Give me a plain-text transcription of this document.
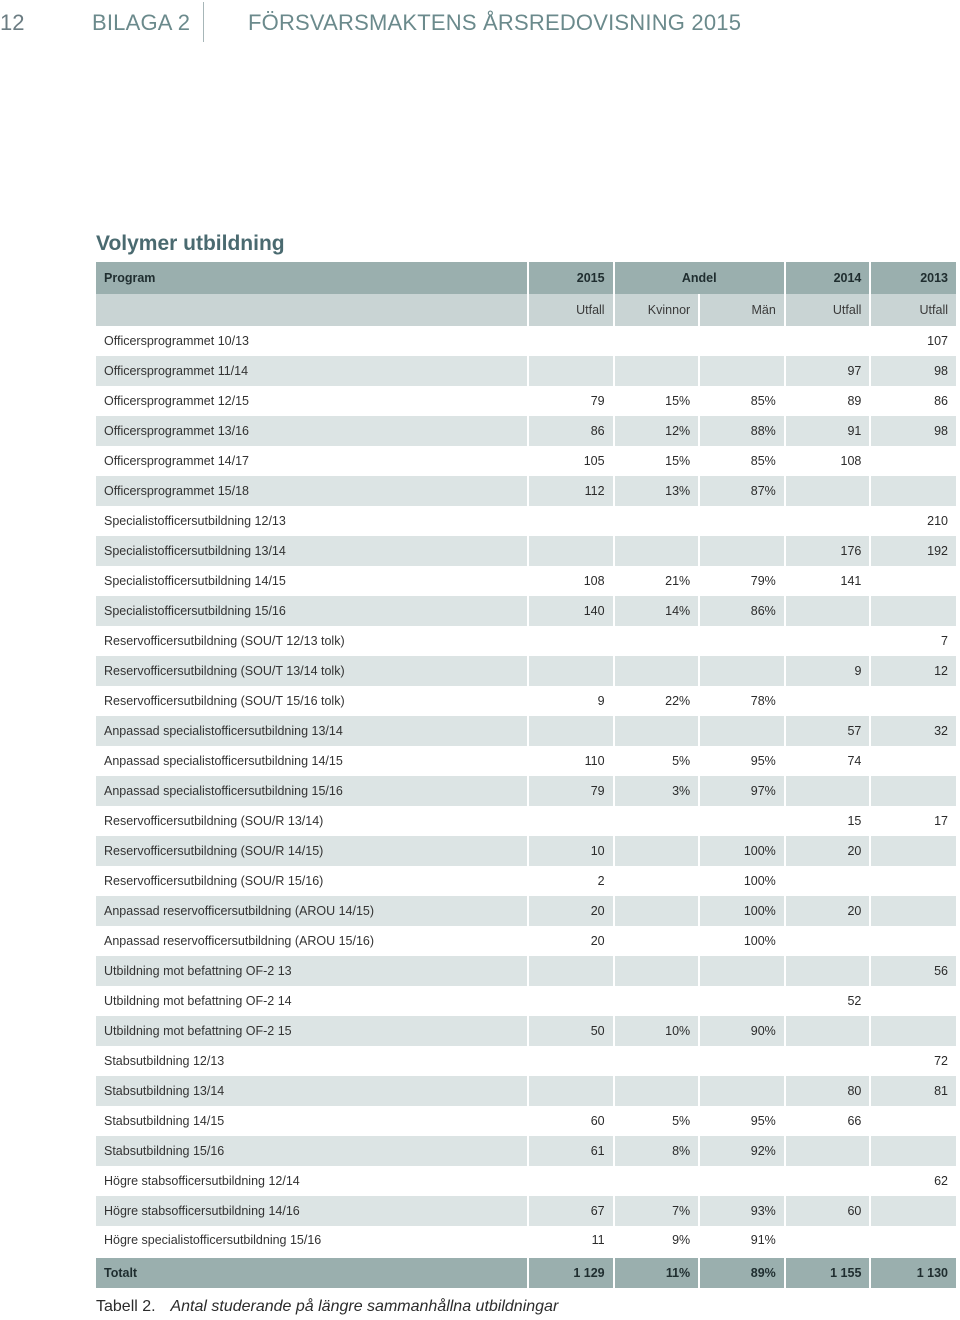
12	BILAGA 2	FÖRSVARSMAKTENS ÅRSREDOVISNING 2015
Volymer utbildning
Program	2015	Andel		2014	2013
	Utfall	Kvinnor	Män	Utfall	Utfall
Officersprogrammet 10/13					107
Officersprogrammet 11/14				97	98
Officersprogrammet 12/15	79	15%	85%	89	86
Officersprogrammet 13/16	86	12%	88%	91	98
Officersprogrammet 14/17	105	15%	85%	108	
Officersprogrammet 15/18	112	13%	87%		
Specialistofficersutbildning 12/13					210
Specialistofficersutbildning 13/14				176	192
Specialistofficersutbildning 14/15	108	21%	79%	141	
Specialistofficersutbildning 15/16	140	14%	86%		
Reservofficersutbildning (SOU/T 12/13 tolk)					7
Reservofficersutbildning (SOU/T 13/14 tolk)				9	12
Reservofficersutbildning (SOU/T 15/16 tolk)	9	22%	78%		
Anpassad specialistofficersutbildning 13/14				57	32
Anpassad specialistofficersutbildning 14/15	110	5%	95%	74	
Anpassad specialistofficersutbildning 15/16	79	3%	97%		
Reservofficersutbildning (SOU/R 13/14)				15	17
Reservofficersutbildning (SOU/R 14/15)	10		100%	20	
Reservofficersutbildning (SOU/R 15/16)	2		100%		
Anpassad reservofficersutbildning (AROU 14/15)	20		100%	20	
Anpassad reservofficersutbildning (AROU 15/16)	20		100%		
Utbildning mot befattning OF-2 13					56
Utbildning mot befattning OF-2 14				52	
Utbildning mot befattning OF-2 15	50	10%	90%		
Stabsutbildning 12/13					72
Stabsutbildning 13/14				80	81
Stabsutbildning 14/15	60	5%	95%	66	
Stabsutbildning 15/16	61	8%	92%		
Högre stabsofficersutbildning 12/14					62
Högre stabsofficersutbildning 14/16	67	7%	93%	60	
Högre specialistofficersutbildning 15/16	11	9%	91%		
Totalt	1 129	11%	89%	1 155	1 130
Tabell 2. Antal studerande på längre sammanhållna utbildningar
